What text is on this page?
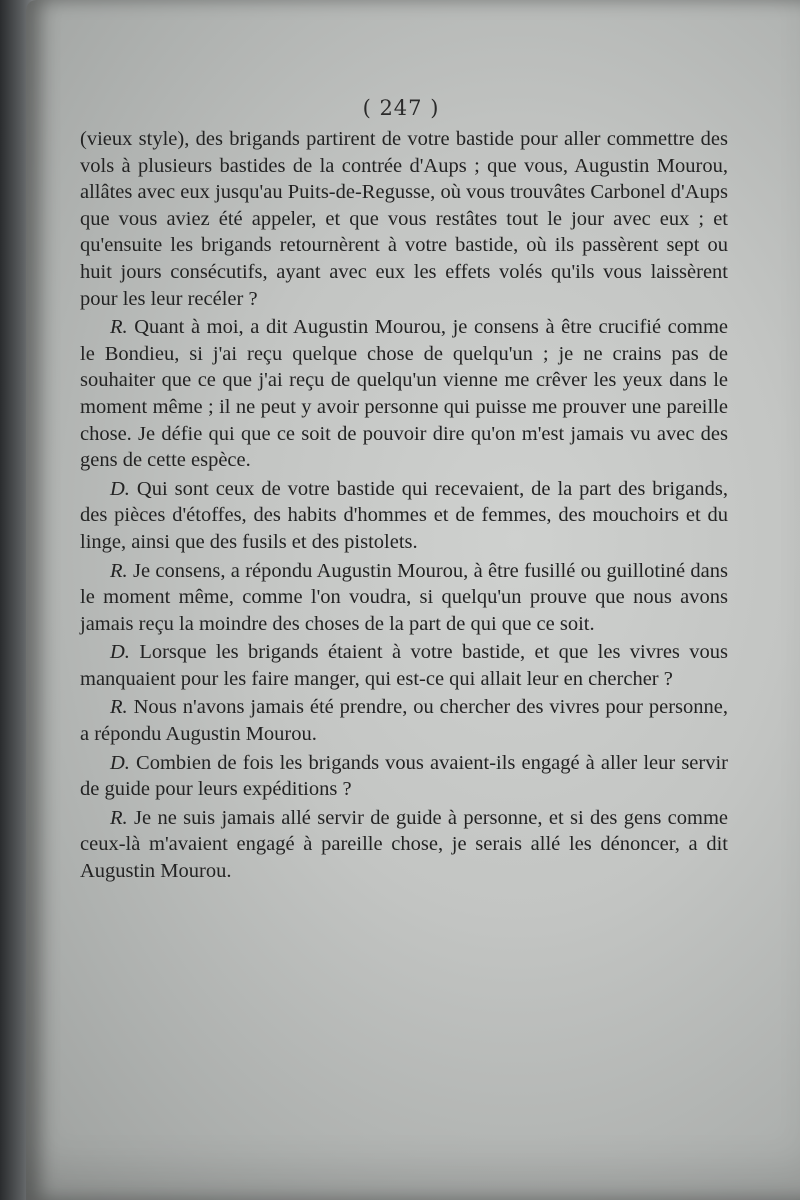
( 247 )

(vieux style), des brigands partirent de votre bastide pour aller commettre des vols à plusieurs bastides de la contrée d'Aups ; que vous, Augustin Mourou, allâtes avec eux jusqu'au Puits-de-Regusse, où vous trouvâtes Carbonel d'Aups que vous aviez été appeler, et que vous restâtes tout le jour avec eux ; et qu'ensuite les brigands retournèrent à votre bastide, où ils passèrent sept ou huit jours consécutifs, ayant avec eux les effets volés qu'ils vous laissèrent pour les leur recéler ?

R. Quant à moi, a dit Augustin Mourou, je consens à être crucifié comme le Bondieu, si j'ai reçu quelque chose de quelqu'un ; je ne crains pas de souhaiter que ce que j'ai reçu de quelqu'un vienne me crêver les yeux dans le moment même ; il ne peut y avoir personne qui puisse me prouver une pareille chose. Je défie qui que ce soit de pouvoir dire qu'on m'est jamais vu avec des gens de cette espèce.

D. Qui sont ceux de votre bastide qui recevaient, de la part des brigands, des pièces d'étoffes, des habits d'hommes et de femmes, des mouchoirs et du linge, ainsi que des fusils et des pistolets.

R. Je consens, a répondu Augustin Mourou, à être fusillé ou guillotiné dans le moment même, comme l'on voudra, si quelqu'un prouve que nous avons jamais reçu la moindre des choses de la part de qui que ce soit.

D. Lorsque les brigands étaient à votre bastide, et que les vivres vous manquaient pour les faire manger, qui est-ce qui allait leur en chercher ?

R. Nous n'avons jamais été prendre, ou chercher des vivres pour personne, a répondu Augustin Mourou.

D. Combien de fois les brigands vous avaient-ils engagé à aller leur servir de guide pour leurs expéditions ?

R. Je ne suis jamais allé servir de guide à personne, et si des gens comme ceux-là m'avaient engagé à pareille chose, je serais allé les dénoncer, a dit Augustin Mourou.
